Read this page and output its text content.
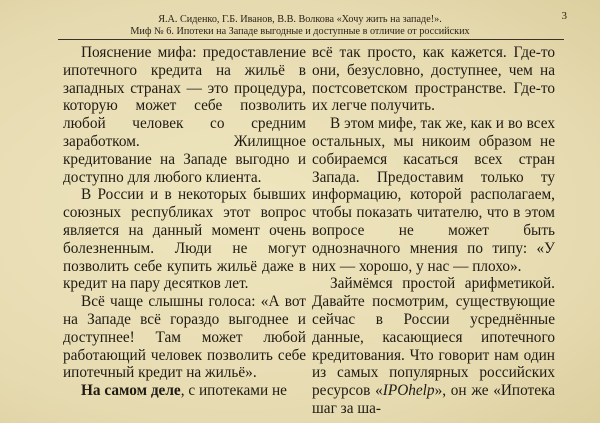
Я.А. Сиденко, Г.Б. Иванов, В.В. Волкова «Хочу жить на западе!».
Миф № 6. Ипотеки на Западе выгодные и доступные в отличие от российских
3

Пояснение мифа: предоставление ипотечного кредита на жильё в западных странах — это процедура, которую может себе позволить любой человек со средним заработком. Жилищное кредитование на Западе выгодно и доступно для любого клиента.

В России и в некоторых бывших союзных республиках этот вопрос является на данный момент очень болезненным. Люди не могут позволить себе купить жильё даже в кредит на пару десятков лет.

Всё чаще слышны голоса: «А вот на Западе всё гораздо выгоднее и доступнее! Там может любой работающий человек позволить себе ипотечный кредит на жильё».

На самом деле, с ипотеками не

всё так просто, как кажется. Где-то они, безусловно, доступнее, чем на постсоветском пространстве. Где-то их легче получить.

В этом мифе, так же, как и во всех остальных, мы никоим образом не собираемся касаться всех стран Запада. Предоставим только ту информацию, которой располагаем, чтобы показать читателю, что в этом вопросе не может быть однозначного мнения по типу: «У них — хорошо, у нас — плохо».

Займёмся простой арифметикой. Давайте посмотрим, существующие сейчас в России усреднённые данные, касающиеся ипотечного кредитования. Что говорит нам один из самых популярных российских ресурсов «IPOhelp», он же «Ипотека шаг за ша-
